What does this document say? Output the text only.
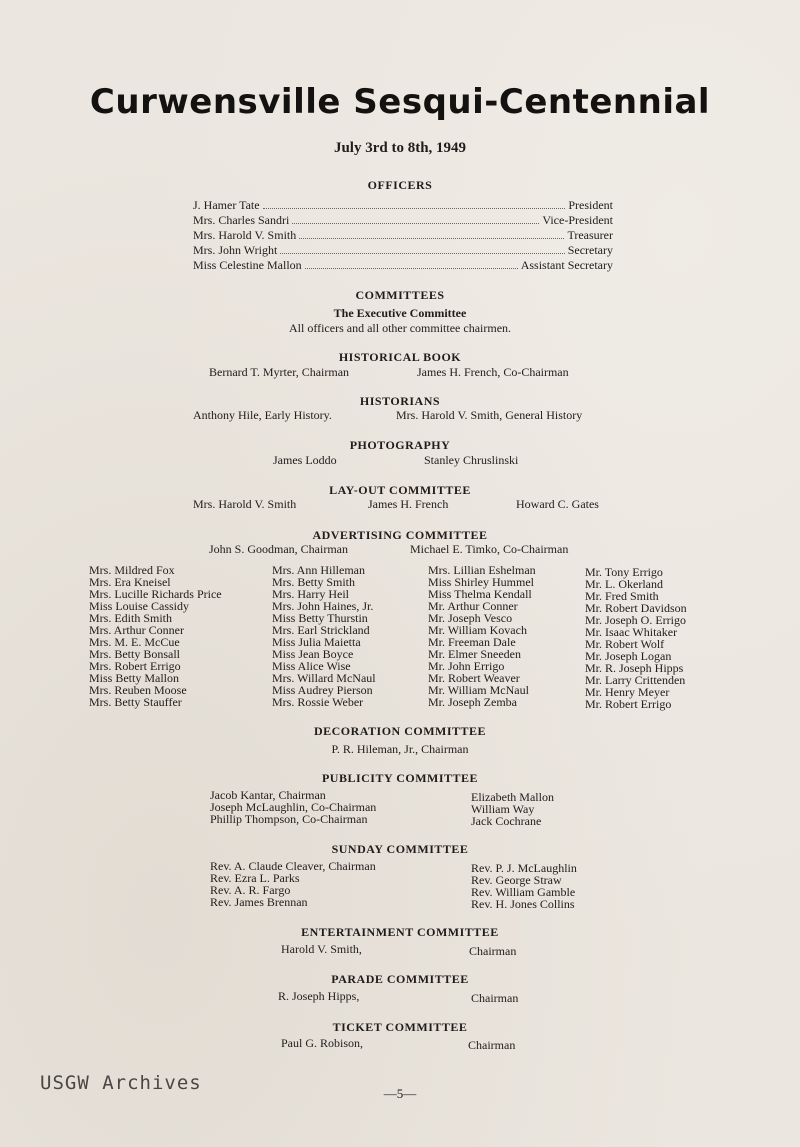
Curwensville Sesqui-Centennial
July 3rd to 8th, 1949
OFFICERS
J. Hamer Tate	President
Mrs. Charles Sandri	Vice-President
Mrs. Harold V. Smith	Treasurer
Mrs. John Wright	Secretary
Miss Celestine Mallon	Assistant Secretary
COMMITTEES
The Executive Committee
All officers and all other committee chairmen.
HISTORICAL BOOK
Bernard T. Myrter, Chairman	James H. French, Co-Chairman
HISTORIANS
Anthony Hile, Early History.	Mrs. Harold V. Smith, General History
PHOTOGRAPHY
James Loddo	Stanley Chruslinski
LAY-OUT COMMITTEE
Mrs. Harold V. Smith	James H. French	Howard C. Gates
ADVERTISING COMMITTEE
John S. Goodman, Chairman	Michael E. Timko, Co-Chairman
Mrs. Mildred Fox
Mrs. Era Kneisel
Mrs. Lucille Richards Price
Miss Louise Cassidy
Mrs. Edith Smith
Mrs. Arthur Conner
Mrs. M. E. McCue
Mrs. Betty Bonsall
Mrs. Robert Errigo
Miss Betty Mallon
Mrs. Reuben Moose
Mrs. Betty Stauffer
Mrs. Ann Hilleman
Mrs. Betty Smith
Mrs. Harry Heil
Mrs. John Haines, Jr.
Miss Betty Thurstin
Mrs. Earl Strickland
Miss Julia Maietta
Miss Jean Boyce
Miss Alice Wise
Mrs. Willard McNaul
Miss Audrey Pierson
Mrs. Rossie Weber
Mrs. Lillian Eshelman
Miss Shirley Hummel
Miss Thelma Kendall
Mr. Arthur Conner
Mr. Joseph Vesco
Mr. William Kovach
Mr. Freeman Dale
Mr. Elmer Sneeden
Mr. John Errigo
Mr. Robert Weaver
Mr. William McNaul
Mr. Joseph Zemba
Mr. Tony Errigo
Mr. L. Okerland
Mr. Fred Smith
Mr. Robert Davidson
Mr. Joseph O. Errigo
Mr. Isaac Whitaker
Mr. Robert Wolf
Mr. Joseph Logan
Mr. R. Joseph Hipps
Mr. Larry Crittenden
Mr. Henry Meyer
Mr. Robert Errigo
DECORATION COMMITTEE
P. R. Hileman, Jr., Chairman
PUBLICITY COMMITTEE
Jacob Kantar, Chairman
Joseph McLaughlin, Co-Chairman
Phillip Thompson, Co-Chairman
Elizabeth Mallon
William Way
Jack Cochrane
SUNDAY COMMITTEE
Rev. A. Claude Cleaver, Chairman
Rev. Ezra L. Parks
Rev. A. R. Fargo
Rev. James Brennan
Rev. P. J. McLaughlin
Rev. George Straw
Rev. William Gamble
Rev. H. Jones Collins
ENTERTAINMENT COMMITTEE
Harold V. Smith,	Chairman
PARADE COMMITTEE
R. Joseph Hipps,	Chairman
TICKET COMMITTEE
Paul G. Robison,	Chairman
USGW Archives	—5—
